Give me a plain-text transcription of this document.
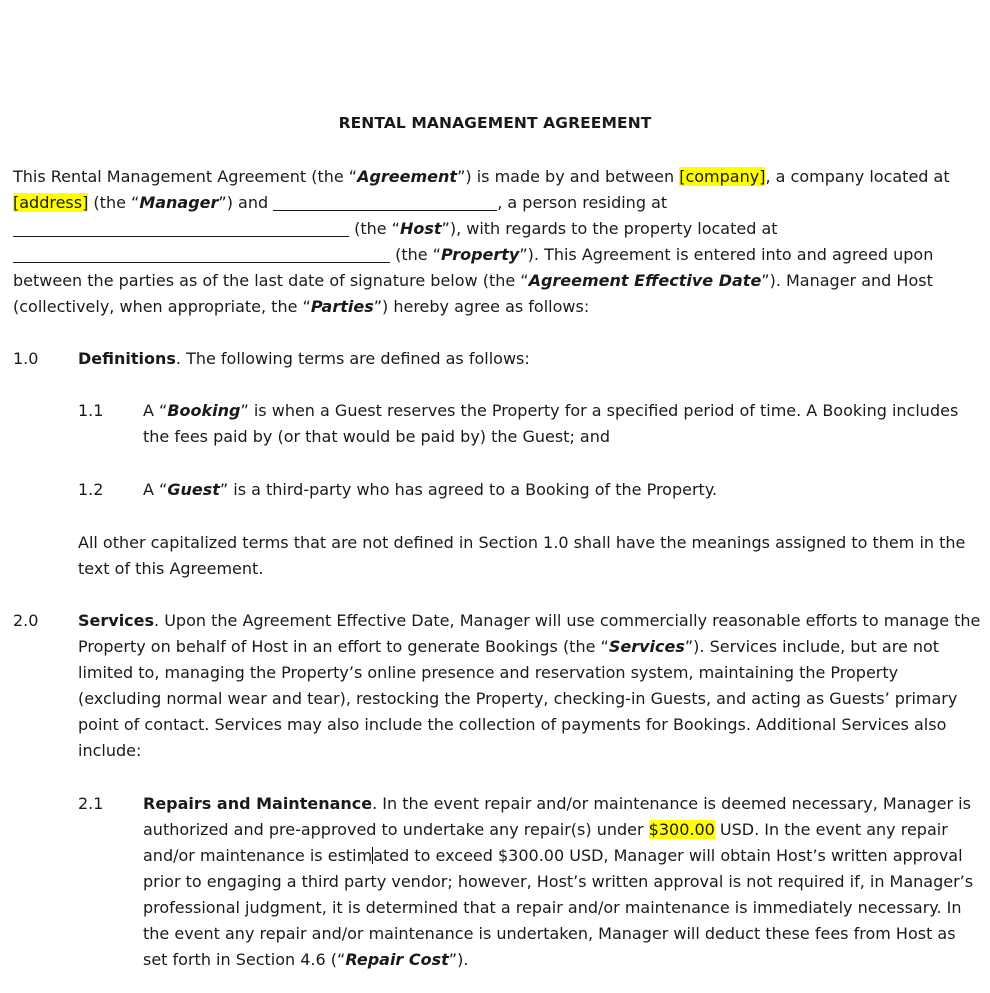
RENTAL MANAGEMENT AGREEMENT
This Rental Management Agreement (the “Agreement”) is made by and between [company], a company located at
[address] (the “Manager”) and	, a person residing at
(the “Host”), with regards to the property located at
(the “Property”). This Agreement is entered into and agreed upon
between the parties as of the last date of signature below (the “Agreement Effective Date”). Manager and Host
(collectively, when appropriate, the “Parties”) hereby agree as follows:
1.0 Definitions. The following terms are defined as follows:
1.1 A “Booking” is when a Guest reserves the Property for a specified period of time. A Booking includes
the fees paid by (or that would be paid by) the Guest; and
1.2 A “Guest” is a third-party who has agreed to a Booking of the Property.
All other capitalized terms that are not defined in Section 1.0 shall have the meanings assigned to them in the
text of this Agreement.
2.0 Services. Upon the Agreement Effective Date, Manager will use commercially reasonable efforts to manage the
Property on behalf of Host in an effort to generate Bookings (the “Services”). Services include, but are not
limited to, managing the Property’s online presence and reservation system, maintaining the Property
(excluding normal wear and tear), restocking the Property, checking-in Guests, and acting as Guests’ primary
point of contact. Services may also include the collection of payments for Bookings. Additional Services also
include:
2.1 Repairs and Maintenance. In the event repair and/or maintenance is deemed necessary, Manager is
authorized and pre-approved to undertake any repair(s) under $300.00 USD. In the event any repair
and/or maintenance is estimated to exceed $300.00 USD, Manager will obtain Host’s written approval
prior to engaging a third party vendor; however, Host’s written approval is not required if, in Manager’s
professional judgment, it is determined that a repair and/or maintenance is immediately necessary. In
the event any repair and/or maintenance is undertaken, Manager will deduct these fees from Host as
set forth in Section 4.6 (“Repair Cost”).
